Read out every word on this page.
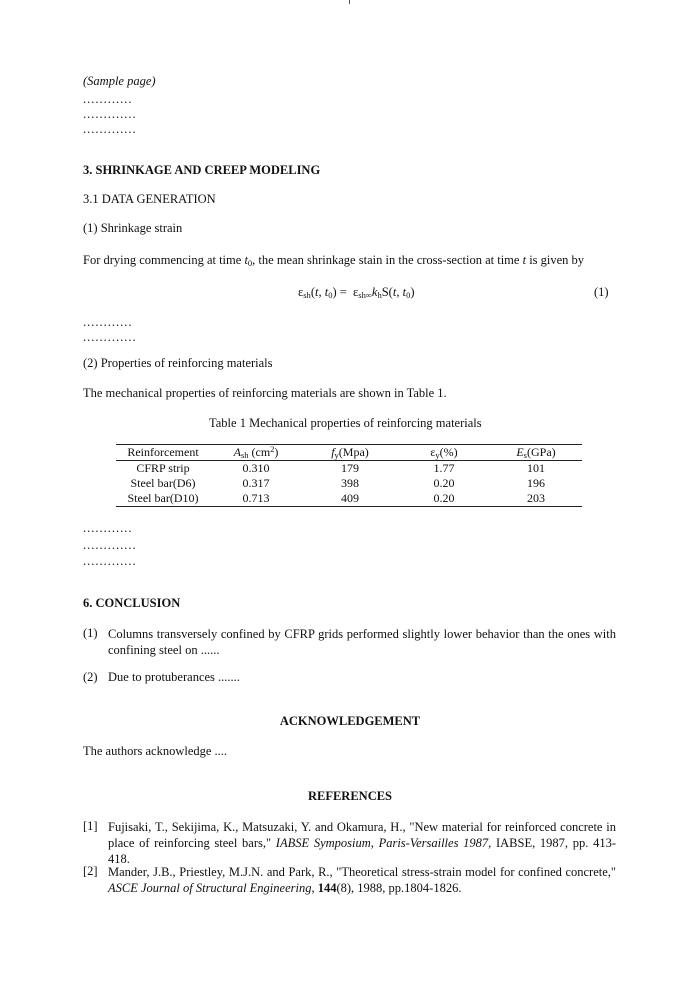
(Sample page)
............
.............
.............
3. SHRINKAGE AND CREEP MODELING
3.1 DATA GENERATION
(1) Shrinkage strain
For drying commencing at time $t_0$, the mean shrinkage stain in the cross-section at time t is given by
$\varepsilon_{sh}(t$, $t_0) = \varepsilon_{sh\infty}k_hS(t$, $t_0$)	(1)
............
.............
(2) Properties of reinforcing materials
The mechanical properties of reinforcing materials are shown in Table 1.
Table 1 Mechanical properties of reinforcing materials
Reinforcement	$A_{sh}$ $(cm^2)$	$f_y(Mpa)$	$\varepsilon_y(\%)$	$E_s(GPa)$
CFRP strip	0.310	179	1.77	101
Steel bar(D6)	0.317	398	0.20	196
Steel bar(D10)	0.713	409	0.20	203
............
.............
.............
6. CONCLUSION
(1) Columns transversely confined by CFRP grids performed slightly lower behavior than the ones with confining steel on ......
(2) Due to protuberances .......
ACKNOWLEDGEMENT
The authors acknowledge ....
REFERENCES
[1] Fujisaki, T., Sekijima, K., Matsuzaki, Y. and Okamura, H., "New material for reinforced concrete in place of reinforcing steel bars," IABSE Symposium, Paris-Versailles 1987, IABSE, 1987, pp. 413-418.
[2] Mander, J.B., Priestley, M.J.N. and Park, R., "Theoretical stress-strain model for confined concrete," ASCE Journal of Structural Engineering, 144(8), 1988, pp.1804-1826.
